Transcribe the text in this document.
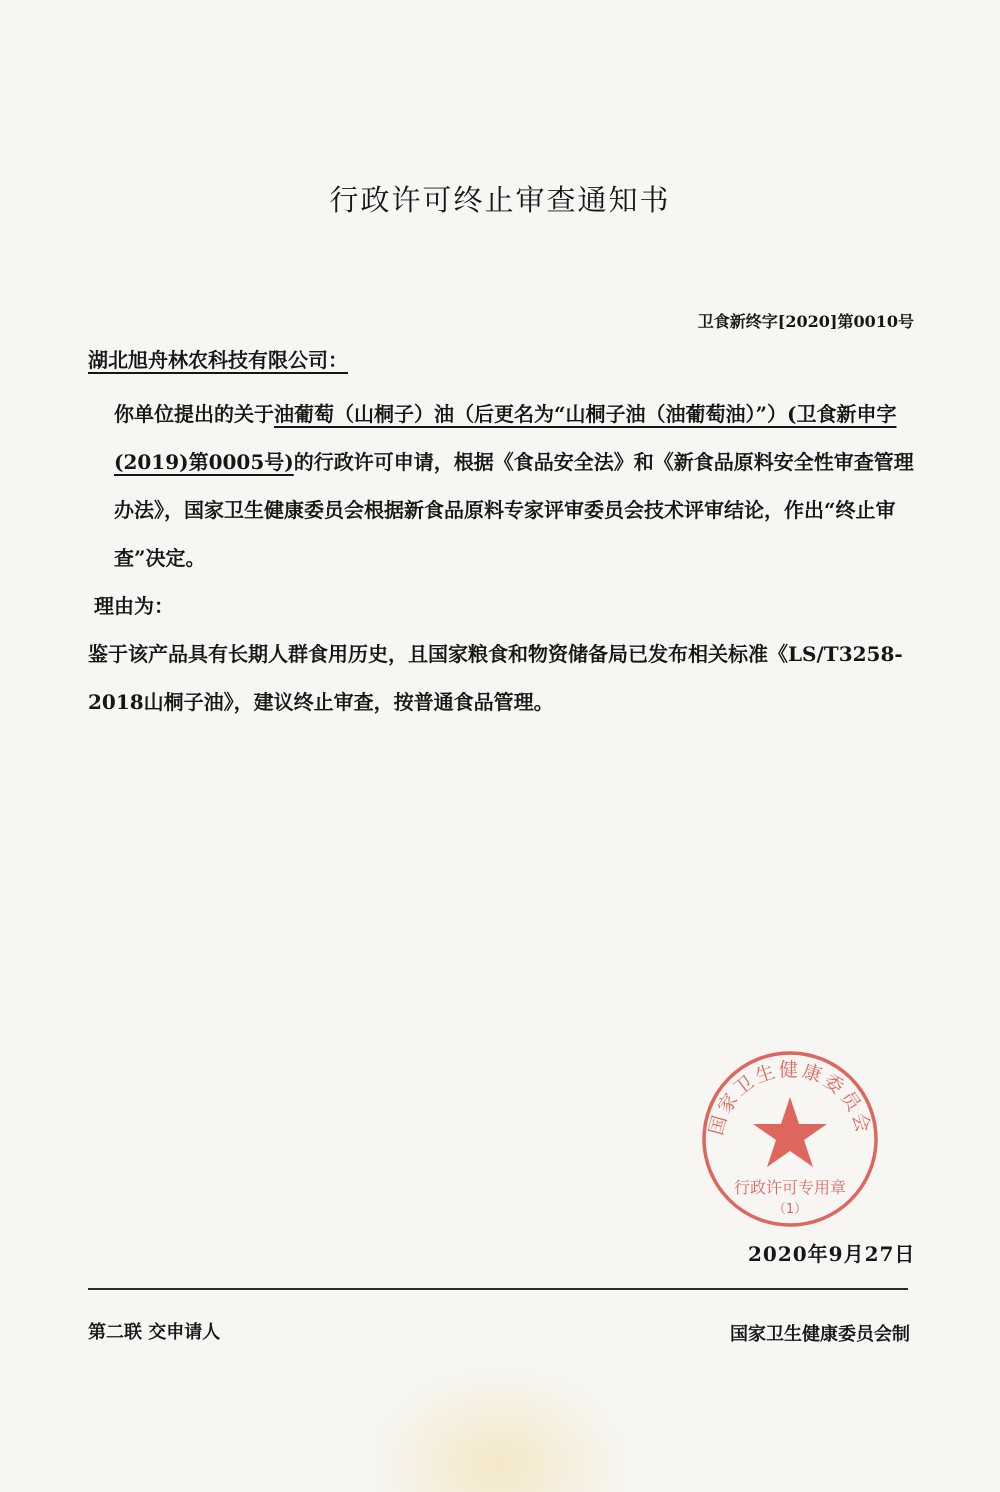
行政许可终止审查通知书
卫食新终字[2020]第0010号
湖北旭舟林农科技有限公司：

你单位提出的关于油葡萄（山桐子）油（后更名为“山桐子油（油葡萄油）”）(卫食新申字(2019)第0005号)的行政许可申请，根据《食品安全法》和《新食品原料安全性审查管理办法》，国家卫生健康委员会根据新食品原料专家评审委员会技术评审结论，作出“终止审查”决定。

理由为：

鉴于该产品具有长期人群食用历史，且国家粮食和物资储备局已发布相关标准《LS/T3258-2018山桐子油》，建议终止审查，按普通食品管理。

国家卫生健康委员会
行政许可专用章
（1）
2020年9月27日
第二联 交申请人	国家卫生健康委员会制
